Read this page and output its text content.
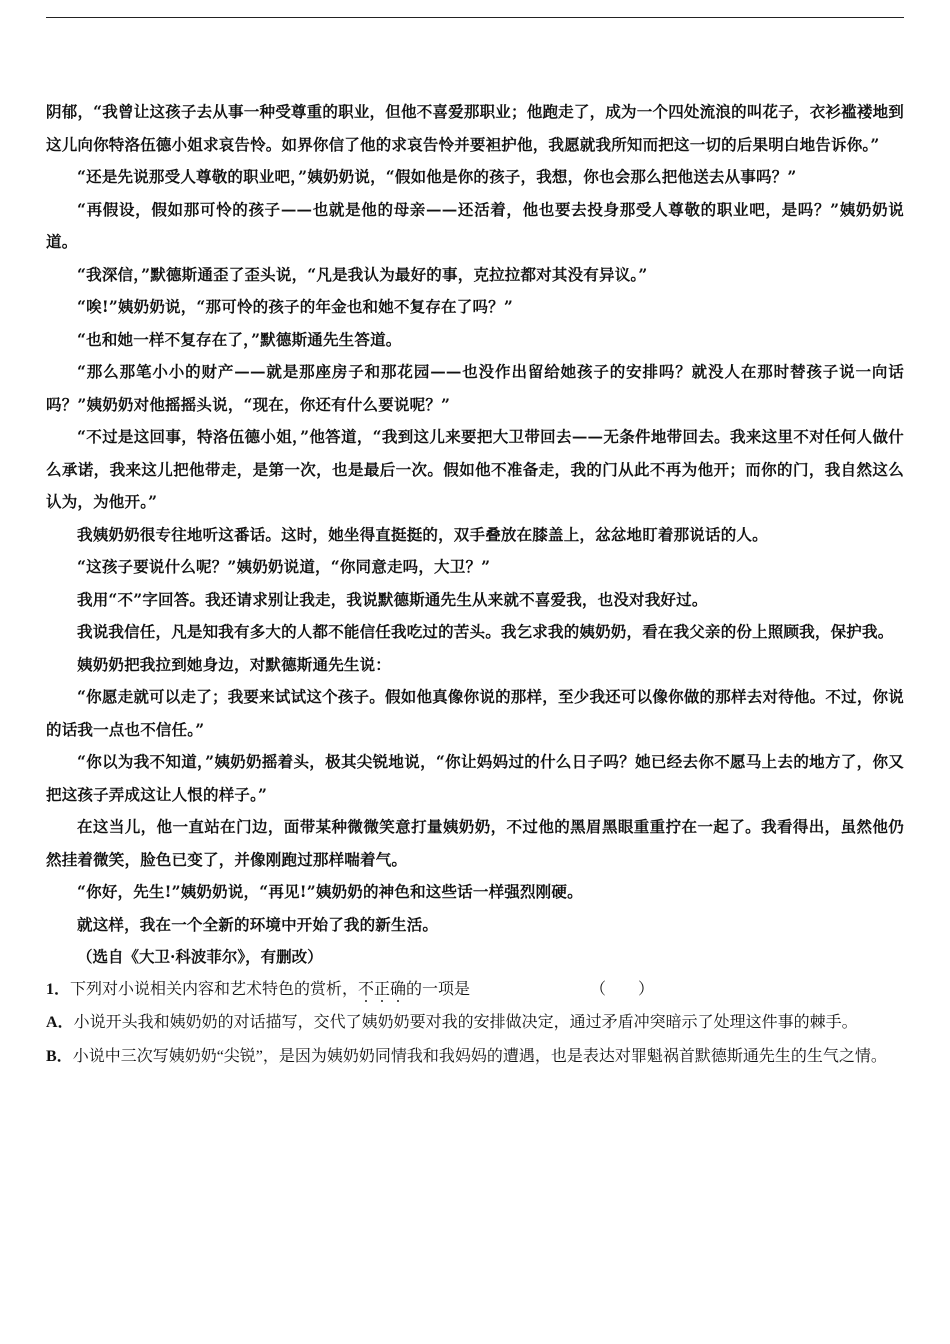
阴郁，“我曾让这孩子去从事一种受尊重的职业，但他不喜爱那职业；他跑走了，成为一个四处流浪的叫花子，衣衫褴褛地到这儿向你特洛伍德小姐求哀告怜。如界你信了他的求哀告怜并要袒护他，我愿就我所知而把这一切的后果明白地告诉你。”

“还是先说那受人尊敬的职业吧，”姨奶奶说，“假如他是你的孩子，我想，你也会那么把他送去从事吗？”

“再假设，假如那可怜的孩子——也就是他的母亲——还活着，他也要去投身那受人尊敬的职业吧，是吗？”姨奶奶说道。

“我深信，”默德斯通歪了歪头说，“凡是我认为最好的事，克拉拉都对其没有异议。”

“唉!”姨奶奶说，“那可怜的孩子的年金也和她不复存在了吗？”

“也和她一样不复存在了，”默德斯通先生答道。

“那么那笔小小的财产——就是那座房子和那花园——也没作出留给她孩子的安排吗？就没人在那时替孩子说一向话吗？”姨奶奶对他摇摇头说，“现在，你还有什么要说呢？”

“不过是这回事，特洛伍德小姐，”他答道，“我到这儿来要把大卫带回去——无条件地带回去。我来这里不对任何人做什么承诺，我来这儿把他带走，是第一次，也是最后一次。假如他不准备走，我的门从此不再为他开；而你的门，我自然这么认为，为他开。”

我姨奶奶很专往地听这番话。这时，她坐得直挺挺的，双手叠放在膝盖上，忿忿地盯着那说话的人。

“这孩子要说什么呢？”姨奶奶说道，“你同意走吗，大卫？”

我用“不”字回答。我还请求别让我走，我说默德斯通先生从来就不喜爱我，也没对我好过。

我说我信任，凡是知我有多大的人都不能信任我吃过的苦头。我乞求我的姨奶奶，看在我父亲的份上照顾我，保护我。

姨奶奶把我拉到她身边，对默德斯通先生说：

“你愿走就可以走了；我要来试试这个孩子。假如他真像你说的那样，至少我还可以像你做的那样去对待他。不过，你说的话我一点也不信任。”

“你以为我不知道，”姨奶奶摇着头，极其尖锐地说，“你让妈妈过的什么日子吗？她已经去你不愿马上去的地方了，你又把这孩子弄成这让人恨的样子。”

在这当儿，他一直站在门边，面带某种微微笑意打量姨奶奶，不过他的黑眉黑眼重重拧在一起了。我看得出，虽然他仍然挂着微笑，脸色已变了，并像刚跑过那样喘着气。

“你好，先生!”姨奶奶说，“再见!”姨奶奶的神色和这些话一样强烈刚硬。

就这样，我在一个全新的环境中开始了我的新生活。

（选自《大卫·科波菲尔》，有删改）

1．下列对小说相关内容和艺术特色的赏析，不正确
的一项是	（　　）

A．小说开头我和姨奶奶的对话描写，交代了姨奶奶要对我的安排做决定，通过矛盾冲突暗示了处理这件事的棘手。

B．小说中三次写姨奶奶“尖锐”，是因为姨奶奶同情我和我妈妈的遭遇，也是表达对罪魁祸首默德斯通先生的生气之情。
